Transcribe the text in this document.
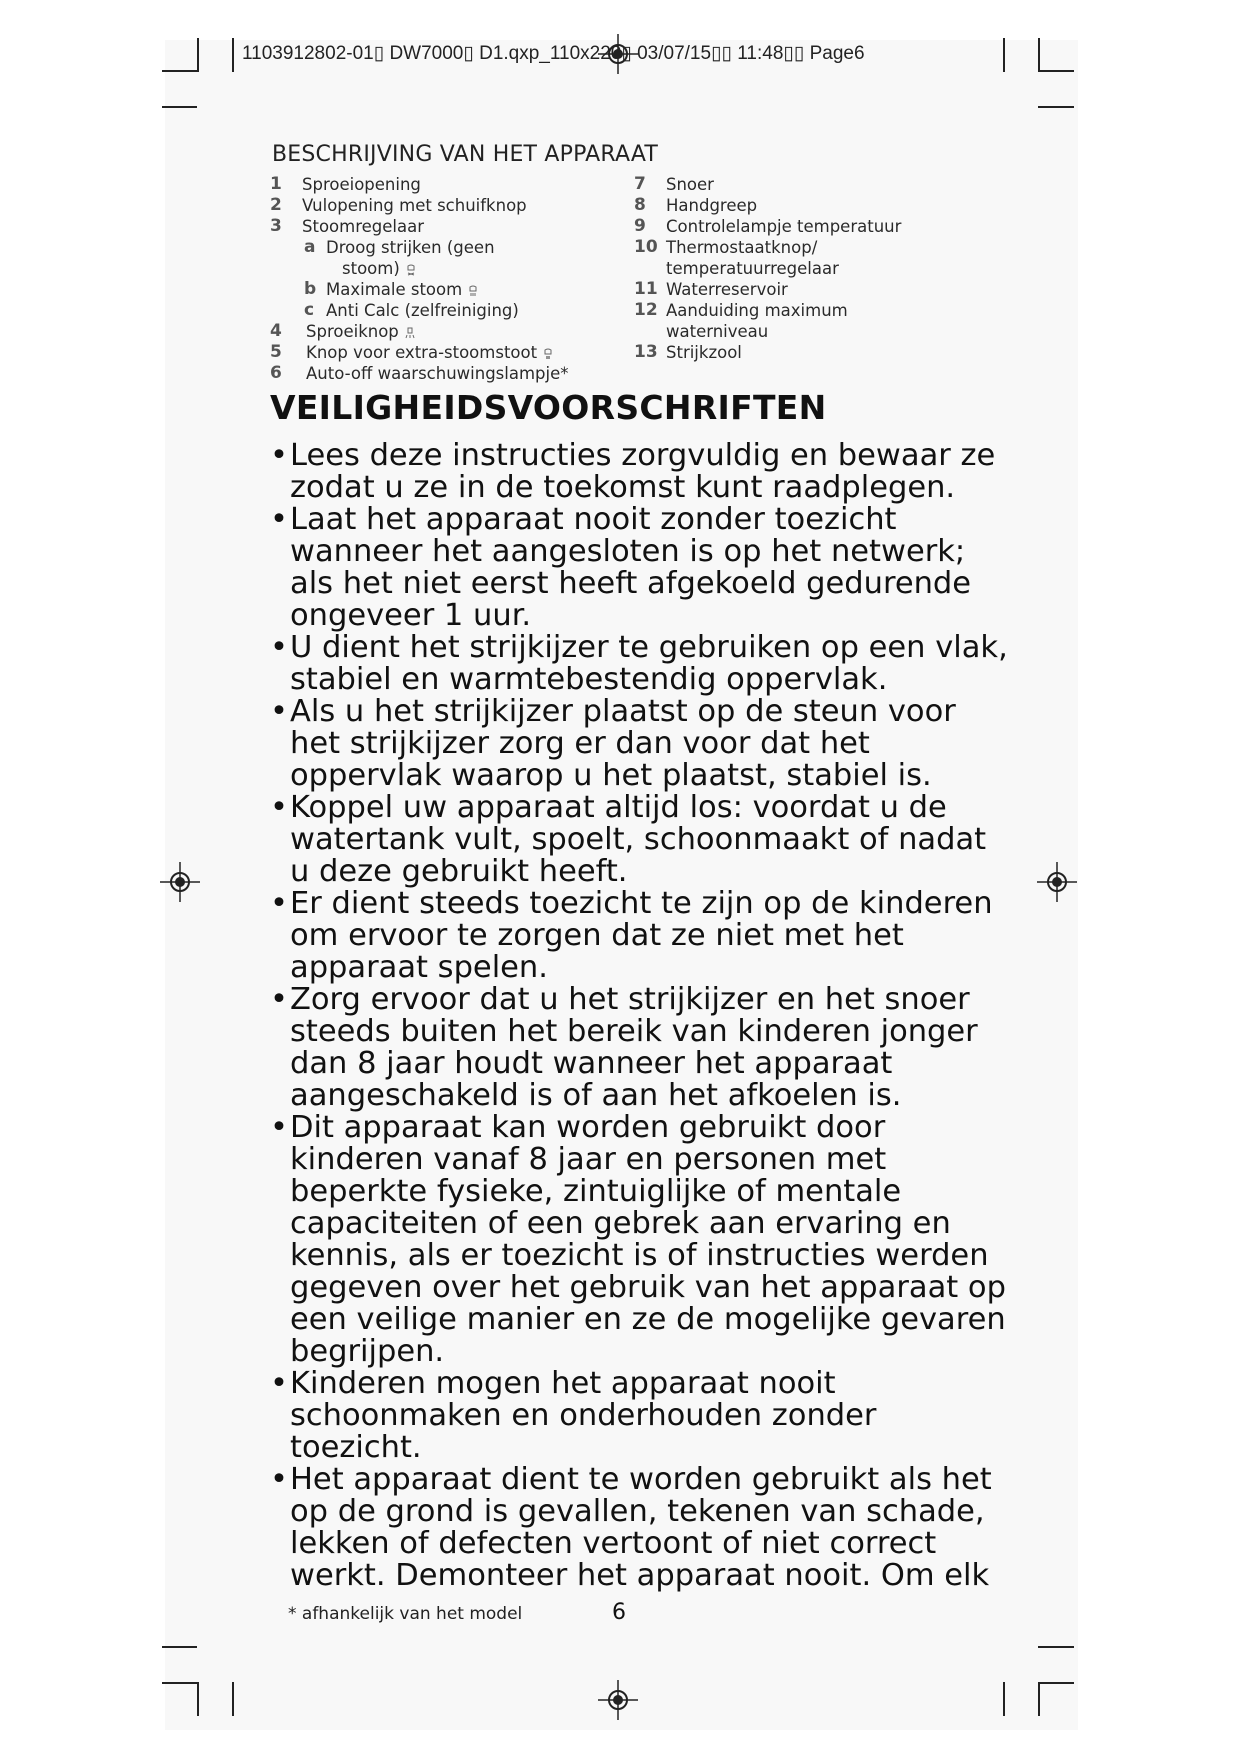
1103912802-01▯ DW7000▯ D1.qxp_110x220▯ 03/07/15▯▯ 11:48▯▯ Page6
BESCHRIJVING VAN HET APPARAAT
1 Sproeiopening
2 Vulopening met schuifknop
3 Stoomregelaar
a Droog strijken (geen
stoom)
b Maximale stoom
c Anti Calc (zelfreiniging)
4 Sproeiknop
5 Knop voor extra-stoomstoot
6 Auto-off waarschuwingslampje*
7 Snoer
8 Handgreep
9 Controlelampje temperatuur
10 Thermostaatknop/
temperatuurregelaar
11 Waterreservoir
12 Aanduiding maximum
waterniveau
13 Strijkzool
VEILIGHEIDSVOORSCHRIFTEN
• Lees deze instructies zorgvuldig en bewaar ze zodat u ze in de toekomst kunt raadplegen.
• Laat het apparaat nooit zonder toezicht wanneer het aangesloten is op het netwerk; als het niet eerst heeft afgekoeld gedurende ongeveer 1 uur.
• U dient het strijkijzer te gebruiken op een vlak, stabiel en warmtebestendig oppervlak.
• Als u het strijkijzer plaatst op de steun voor het strijkijzer zorg er dan voor dat het oppervlak waarop u het plaatst, stabiel is.
• Koppel uw apparaat altijd los: voordat u de watertank vult, spoelt, schoonmaakt of nadat u deze gebruikt heeft.
• Er dient steeds toezicht te zijn op de kinderen om ervoor te zorgen dat ze niet met het apparaat spelen.
• Zorg ervoor dat u het strijkijzer en het snoer steeds buiten het bereik van kinderen jonger dan 8 jaar houdt wanneer het apparaat aangeschakeld is of aan het afkoelen is.
• Dit apparaat kan worden gebruikt door kinderen vanaf 8 jaar en personen met beperkte fysieke, zintuiglijke of mentale capaciteiten of een gebrek aan ervaring en kennis, als er toezicht is of instructies werden gegeven over het gebruik van het apparaat op een veilige manier en ze de mogelijke gevaren begrijpen.
• Kinderen mogen het apparaat nooit schoonmaken en onderhouden zonder toezicht.
• Het apparaat dient te worden gebruikt als het op de grond is gevallen, tekenen van schade, lekken of defecten vertoont of niet correct werkt. Demonteer het apparaat nooit. Om elk
* afhankelijk van het model	6
